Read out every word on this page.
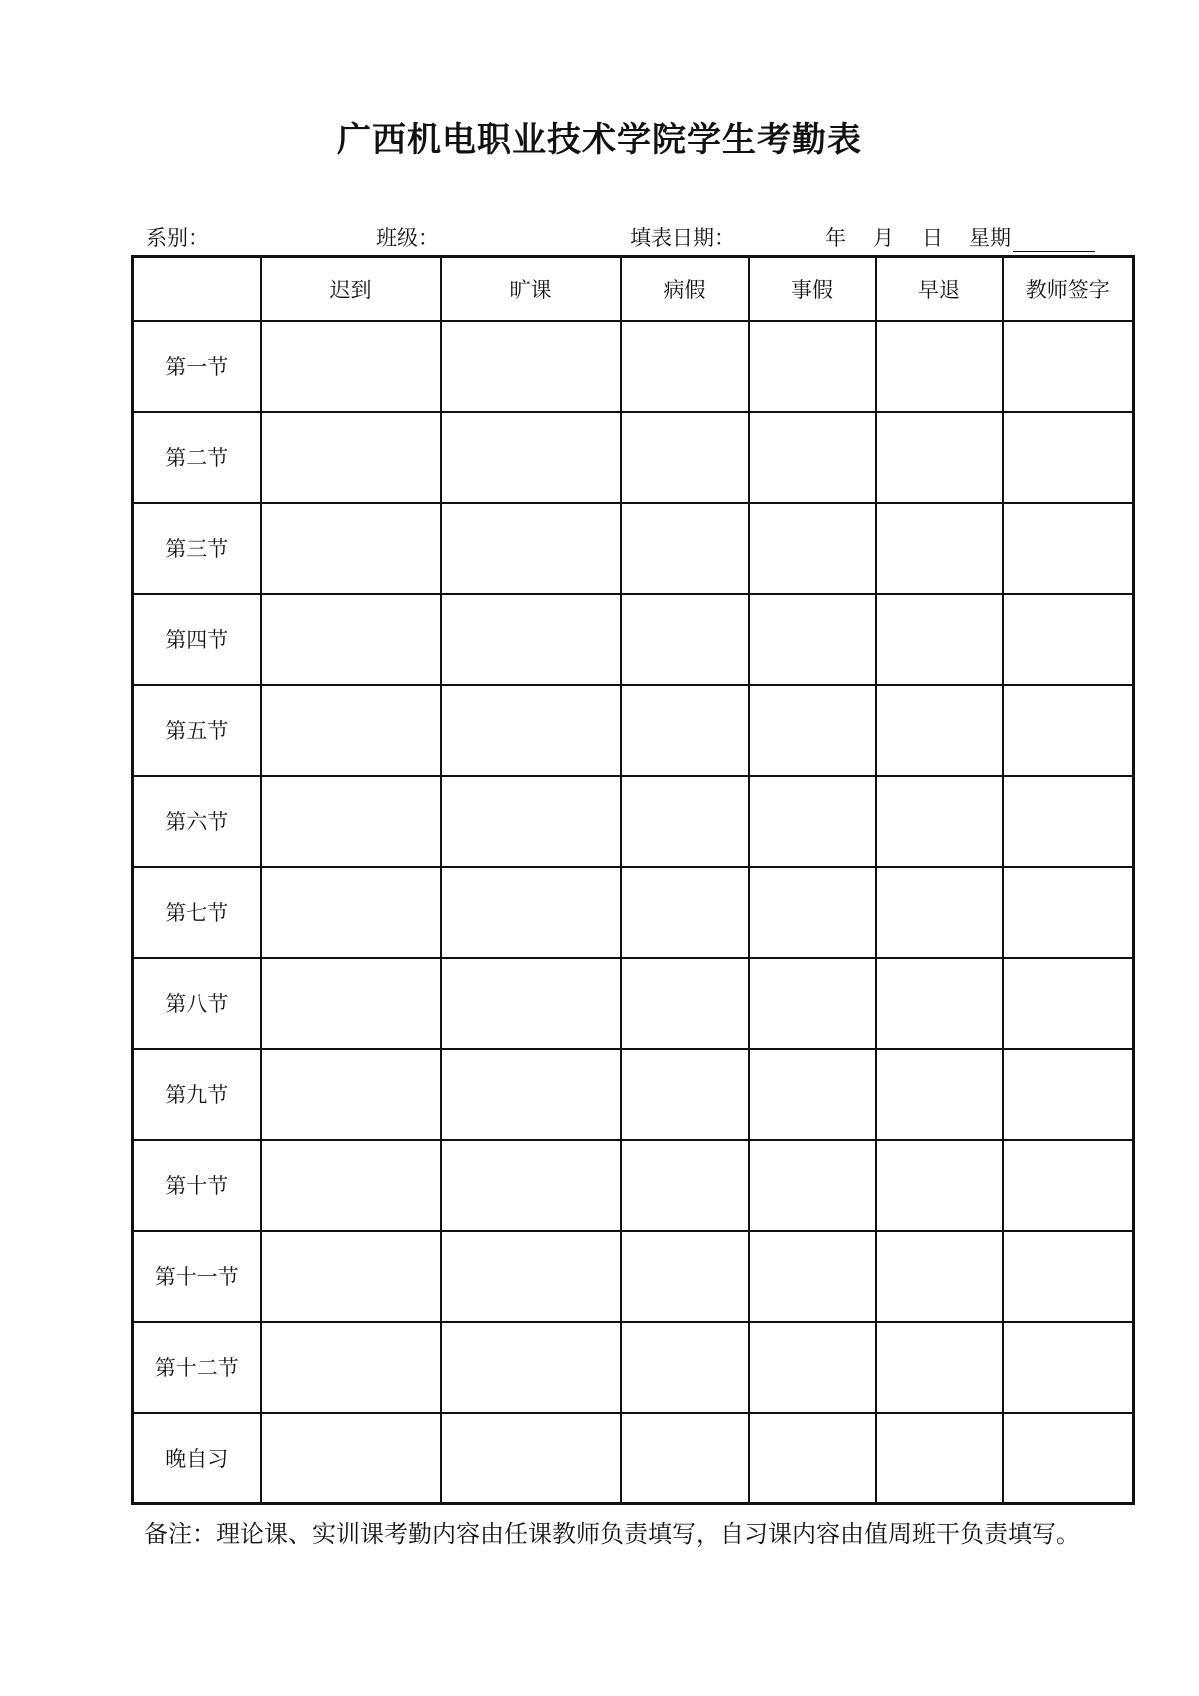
广西机电职业技术学院学生考勤表
系别：	班级：	填表日期：	年 月 日 星期
	迟到	旷课	病假	事假	早退	教师签字
第一节						
第二节						
第三节						
第四节						
第五节						
第六节						
第七节						
第八节						
第九节						
第十节						
第十一节						
第十二节						
晚自习						
备注：理论课、实训课考勤内容由任课教师负责填写，自习课内容由值周班干负责填写。
